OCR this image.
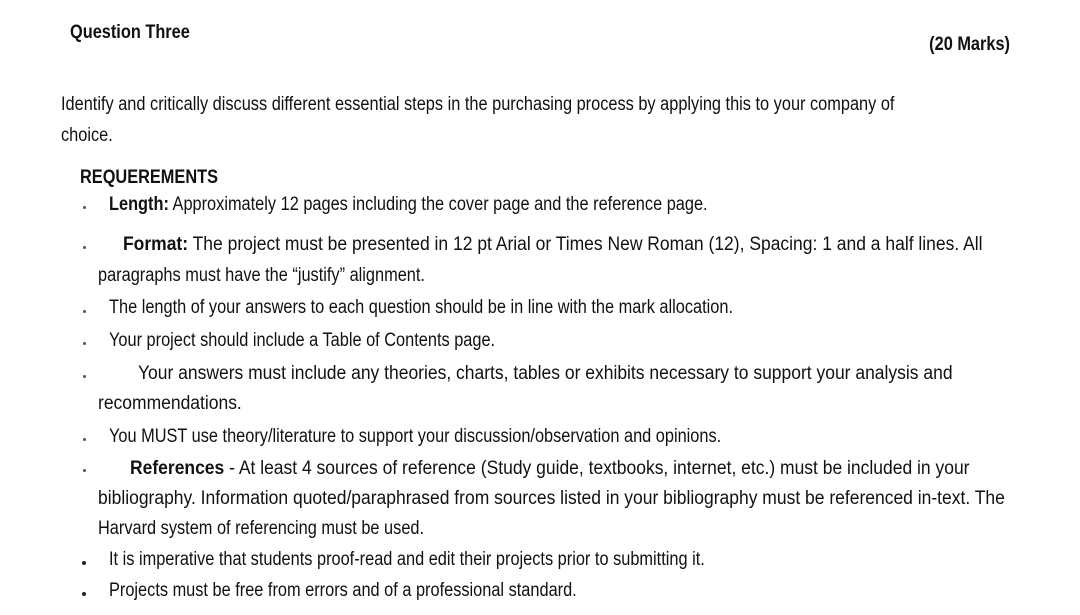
Question Three
(20 Marks)
Identify and critically discuss different essential steps in the purchasing process by applying this to your company of
choice.
REQUEREMENTS
Length: Approximately 12 pages including the cover page and the reference page.
Format: The project must be presented in 12 pt Arial or Times New Roman (12), Spacing: 1 and a half lines. All
paragraphs must have the “justify” alignment.
The length of your answers to each question should be in line with the mark allocation.
Your project should include a Table of Contents page.
Your answers must include any theories, charts, tables or exhibits necessary to support your analysis and
recommendations.
You MUST use theory/literature to support your discussion/observation and opinions.
References - At least 4 sources of reference (Study guide, textbooks, internet, etc.) must be included in your
bibliography. Information quoted/paraphrased from sources listed in your bibliography must be referenced in-text. The
Harvard system of referencing must be used.
It is imperative that students proof-read and edit their projects prior to submitting it.
Projects must be free from errors and of a professional standard.
